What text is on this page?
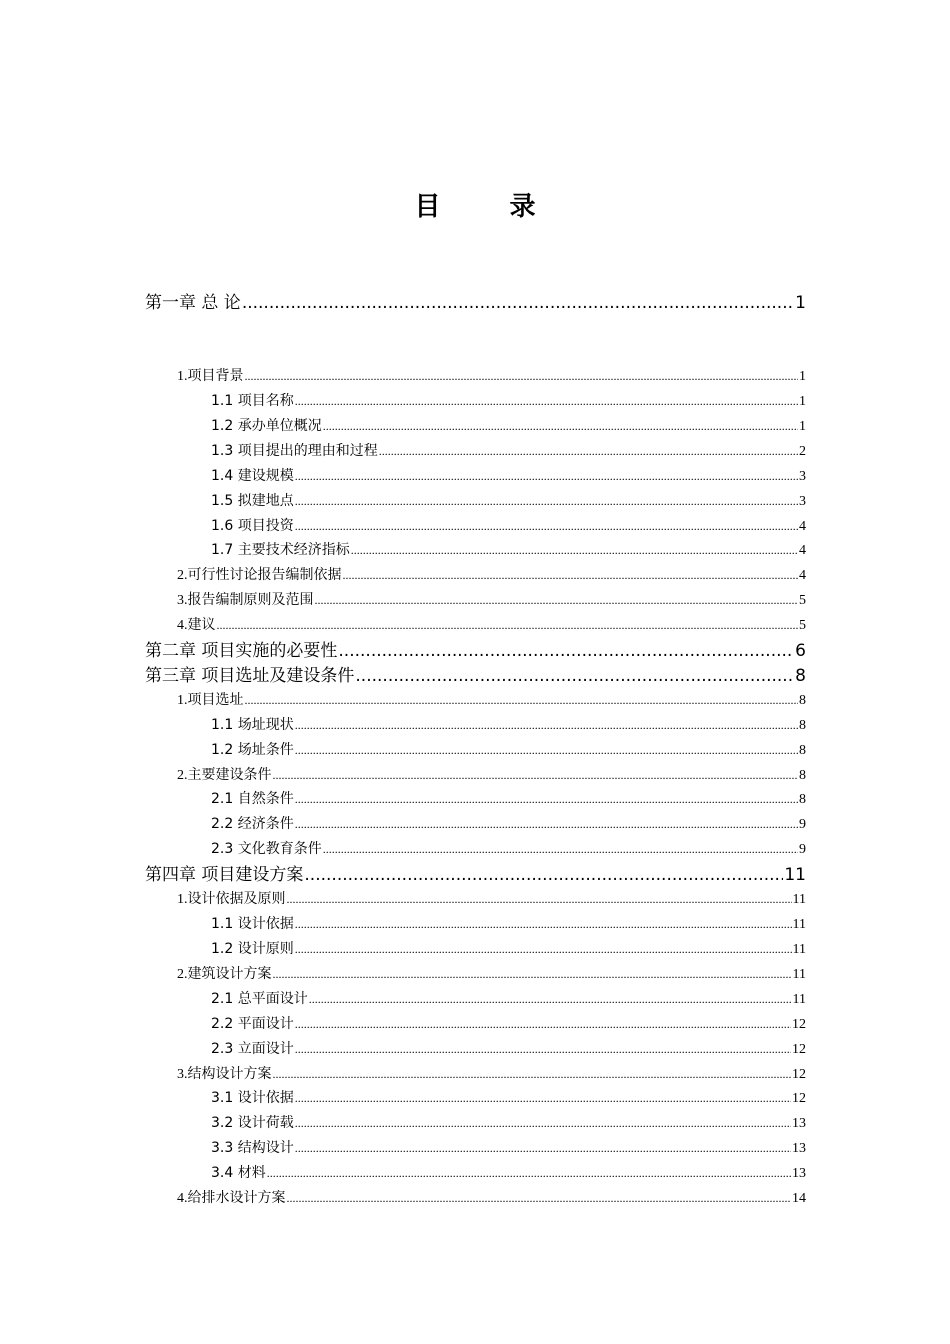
目 录
第一章 总 论 .....	1
1.项目背景 .....	1
1.1 项目名称 .....	1
1.2 承办单位概况 .....	1
1.3 项目提出的理由和过程 .....	2
1.4 建设规模 .....	3
1.5 拟建地点 .....	3
1.6 项目投资 .....	4
1.7 主要技术经济指标 .....	4
2.可行性讨论报告编制依据 .....	4
3.报告编制原则及范围 .....	5
4.建议 .....	5
第二章 项目实施的必要性 .....	6
第三章 项目选址及建设条件 .....	8
1.项目选址 .....	8
1.1 场址现状 .....	8
1.2 场址条件 .....	8
2.主要建设条件 .....	8
2.1 自然条件 .....	8
2.2 经济条件 .....	9
2.3 文化教育条件 .....	9
第四章 项目建设方案 .....	11
1.设计依据及原则 .....	11
1.1 设计依据 .....	11
1.2 设计原则 .....	11
2.建筑设计方案 .....	11
2.1 总平面设计 .....	11
2.2 平面设计 .....	12
2.3 立面设计 .....	12
3.结构设计方案 .....	12
3.1 设计依据 .....	12
3.2 设计荷载 .....	13
3.3 结构设计 .....	13
3.4 材料 .....	13
4.给排水设计方案 .....	14
